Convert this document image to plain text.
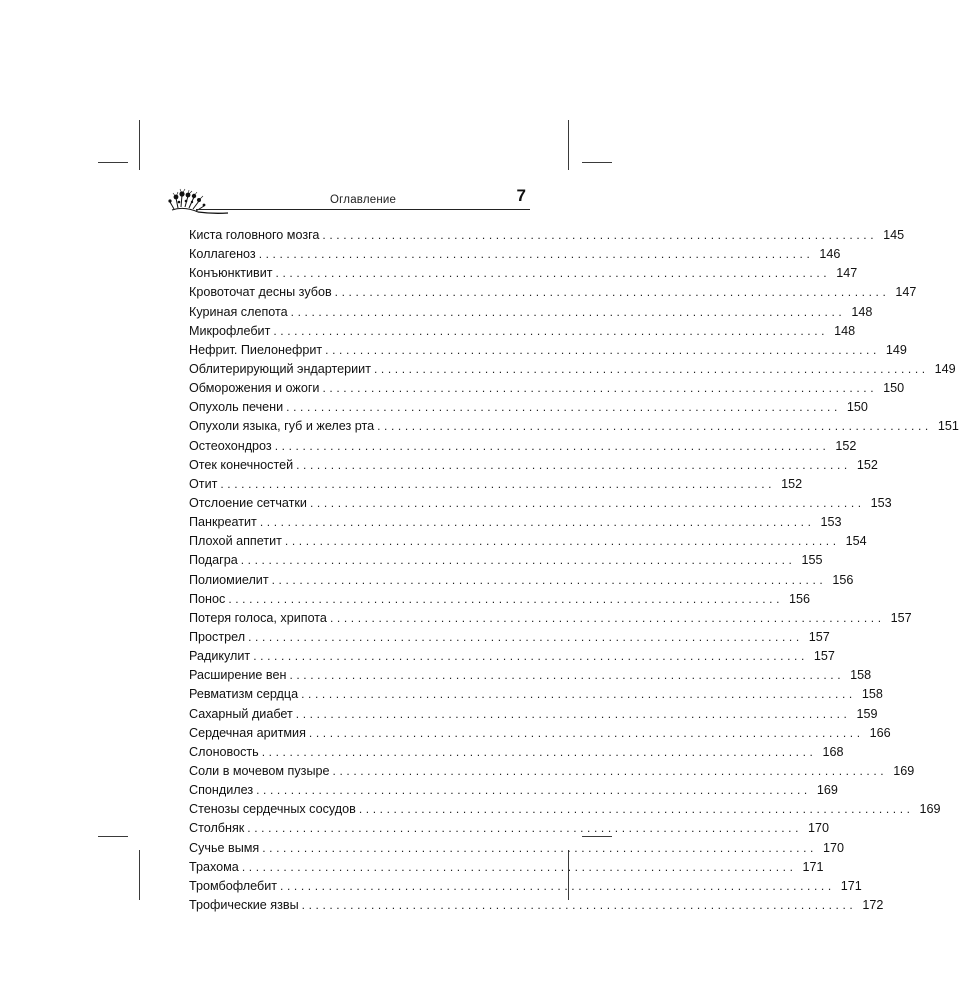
Оглавление	7
Киста головного мозга ................................................................................ 145
Коллагеноз ................................................................................ 146
Конъюнктивит ................................................................................ 147
Кровоточат десны зубов ................................................................................ 147
Куриная слепота ................................................................................ 148
Микрофлебит ................................................................................ 148
Нефрит. Пиелонефрит ................................................................................ 149
Облитерирующий эндартериит ................................................................................ 149
Обморожения и ожоги ................................................................................ 150
Опухоль печени ................................................................................ 150
Опухоли языка, губ и желез рта ................................................................................ 151
Остеохондроз ................................................................................ 152
Отек конечностей ................................................................................ 152
Отит ................................................................................ 152
Отслоение сетчатки ................................................................................ 153
Панкреатит ................................................................................ 153
Плохой аппетит ................................................................................ 154
Подагра ................................................................................ 155
Полиомиелит ................................................................................ 156
Понос ................................................................................ 156
Потеря голоса, хрипота ................................................................................ 157
Прострел ................................................................................ 157
Радикулит ................................................................................ 157
Расширение вен ................................................................................ 158
Ревматизм сердца ................................................................................ 158
Сахарный диабет ................................................................................ 159
Сердечная аритмия ................................................................................ 166
Слоновость ................................................................................ 168
Соли в мочевом пузыре ................................................................................ 169
Спондилез ................................................................................ 169
Стенозы сердечных сосудов ................................................................................ 169
Столбняк ................................................................................ 170
Сучье вымя ................................................................................ 170
Трахома ................................................................................ 171
Тромбофлебит ................................................................................ 171
Трофические язвы ................................................................................ 172
